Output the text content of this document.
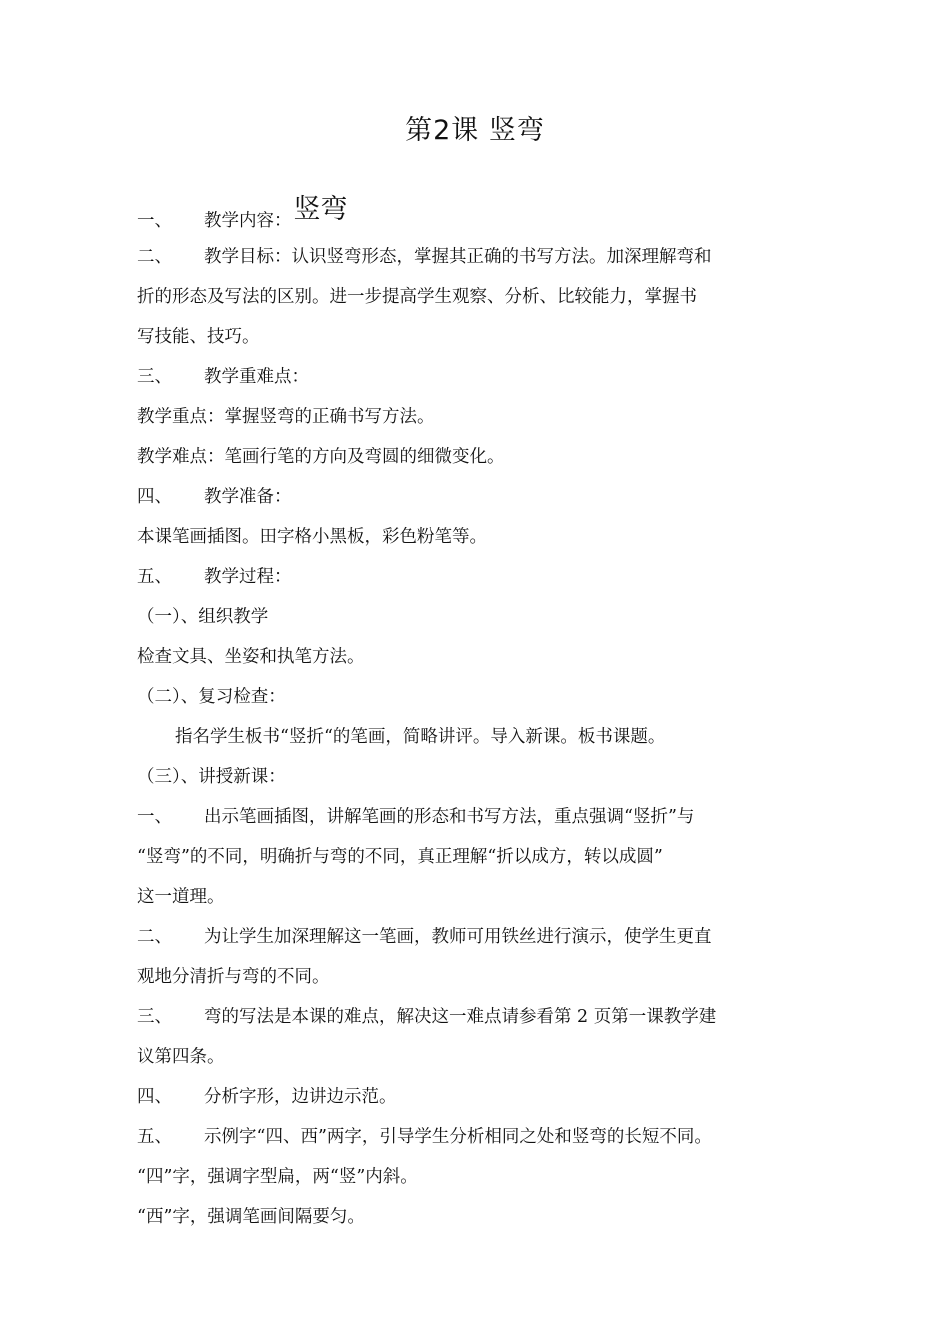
第2课 竖弯
一、 教学内容：竖弯
二、 教学目标：认识竖弯形态，掌握其正确的书写方法。加深理解弯和
折的形态及写法的区别。进一步提高学生观察、分析、比较能力，掌握书
写技能、技巧。
三、 教学重难点：
教学重点：掌握竖弯的正确书写方法。
教学难点：笔画行笔的方向及弯圆的细微变化。
四、 教学准备：
本课笔画插图。田字格小黑板，彩色粉笔等。
五、 教学过程：
（一）、组织教学
检查文具、坐姿和执笔方法。
（二）、复习检查：
指名学生板书“竖折“的笔画，简略讲评。导入新课。板书课题。
（三）、讲授新课：
一、 出示笔画插图，讲解笔画的形态和书写方法，重点强调“竖折”与
“竖弯”的不同，明确折与弯的不同，真正理解“折以成方，转以成圆”
这一道理。
二、 为让学生加深理解这一笔画，教师可用铁丝进行演示，使学生更直
观地分清折与弯的不同。
三、 弯的写法是本课的难点，解决这一难点请参看第 2 页第一课教学建
议第四条。
四、 分析字形，边讲边示范。
五、 示例字“四、西”两字，引导学生分析相同之处和竖弯的长短不同。
“四”字，强调字型扁，两“竖”内斜。
“西”字，强调笔画间隔要匀。
